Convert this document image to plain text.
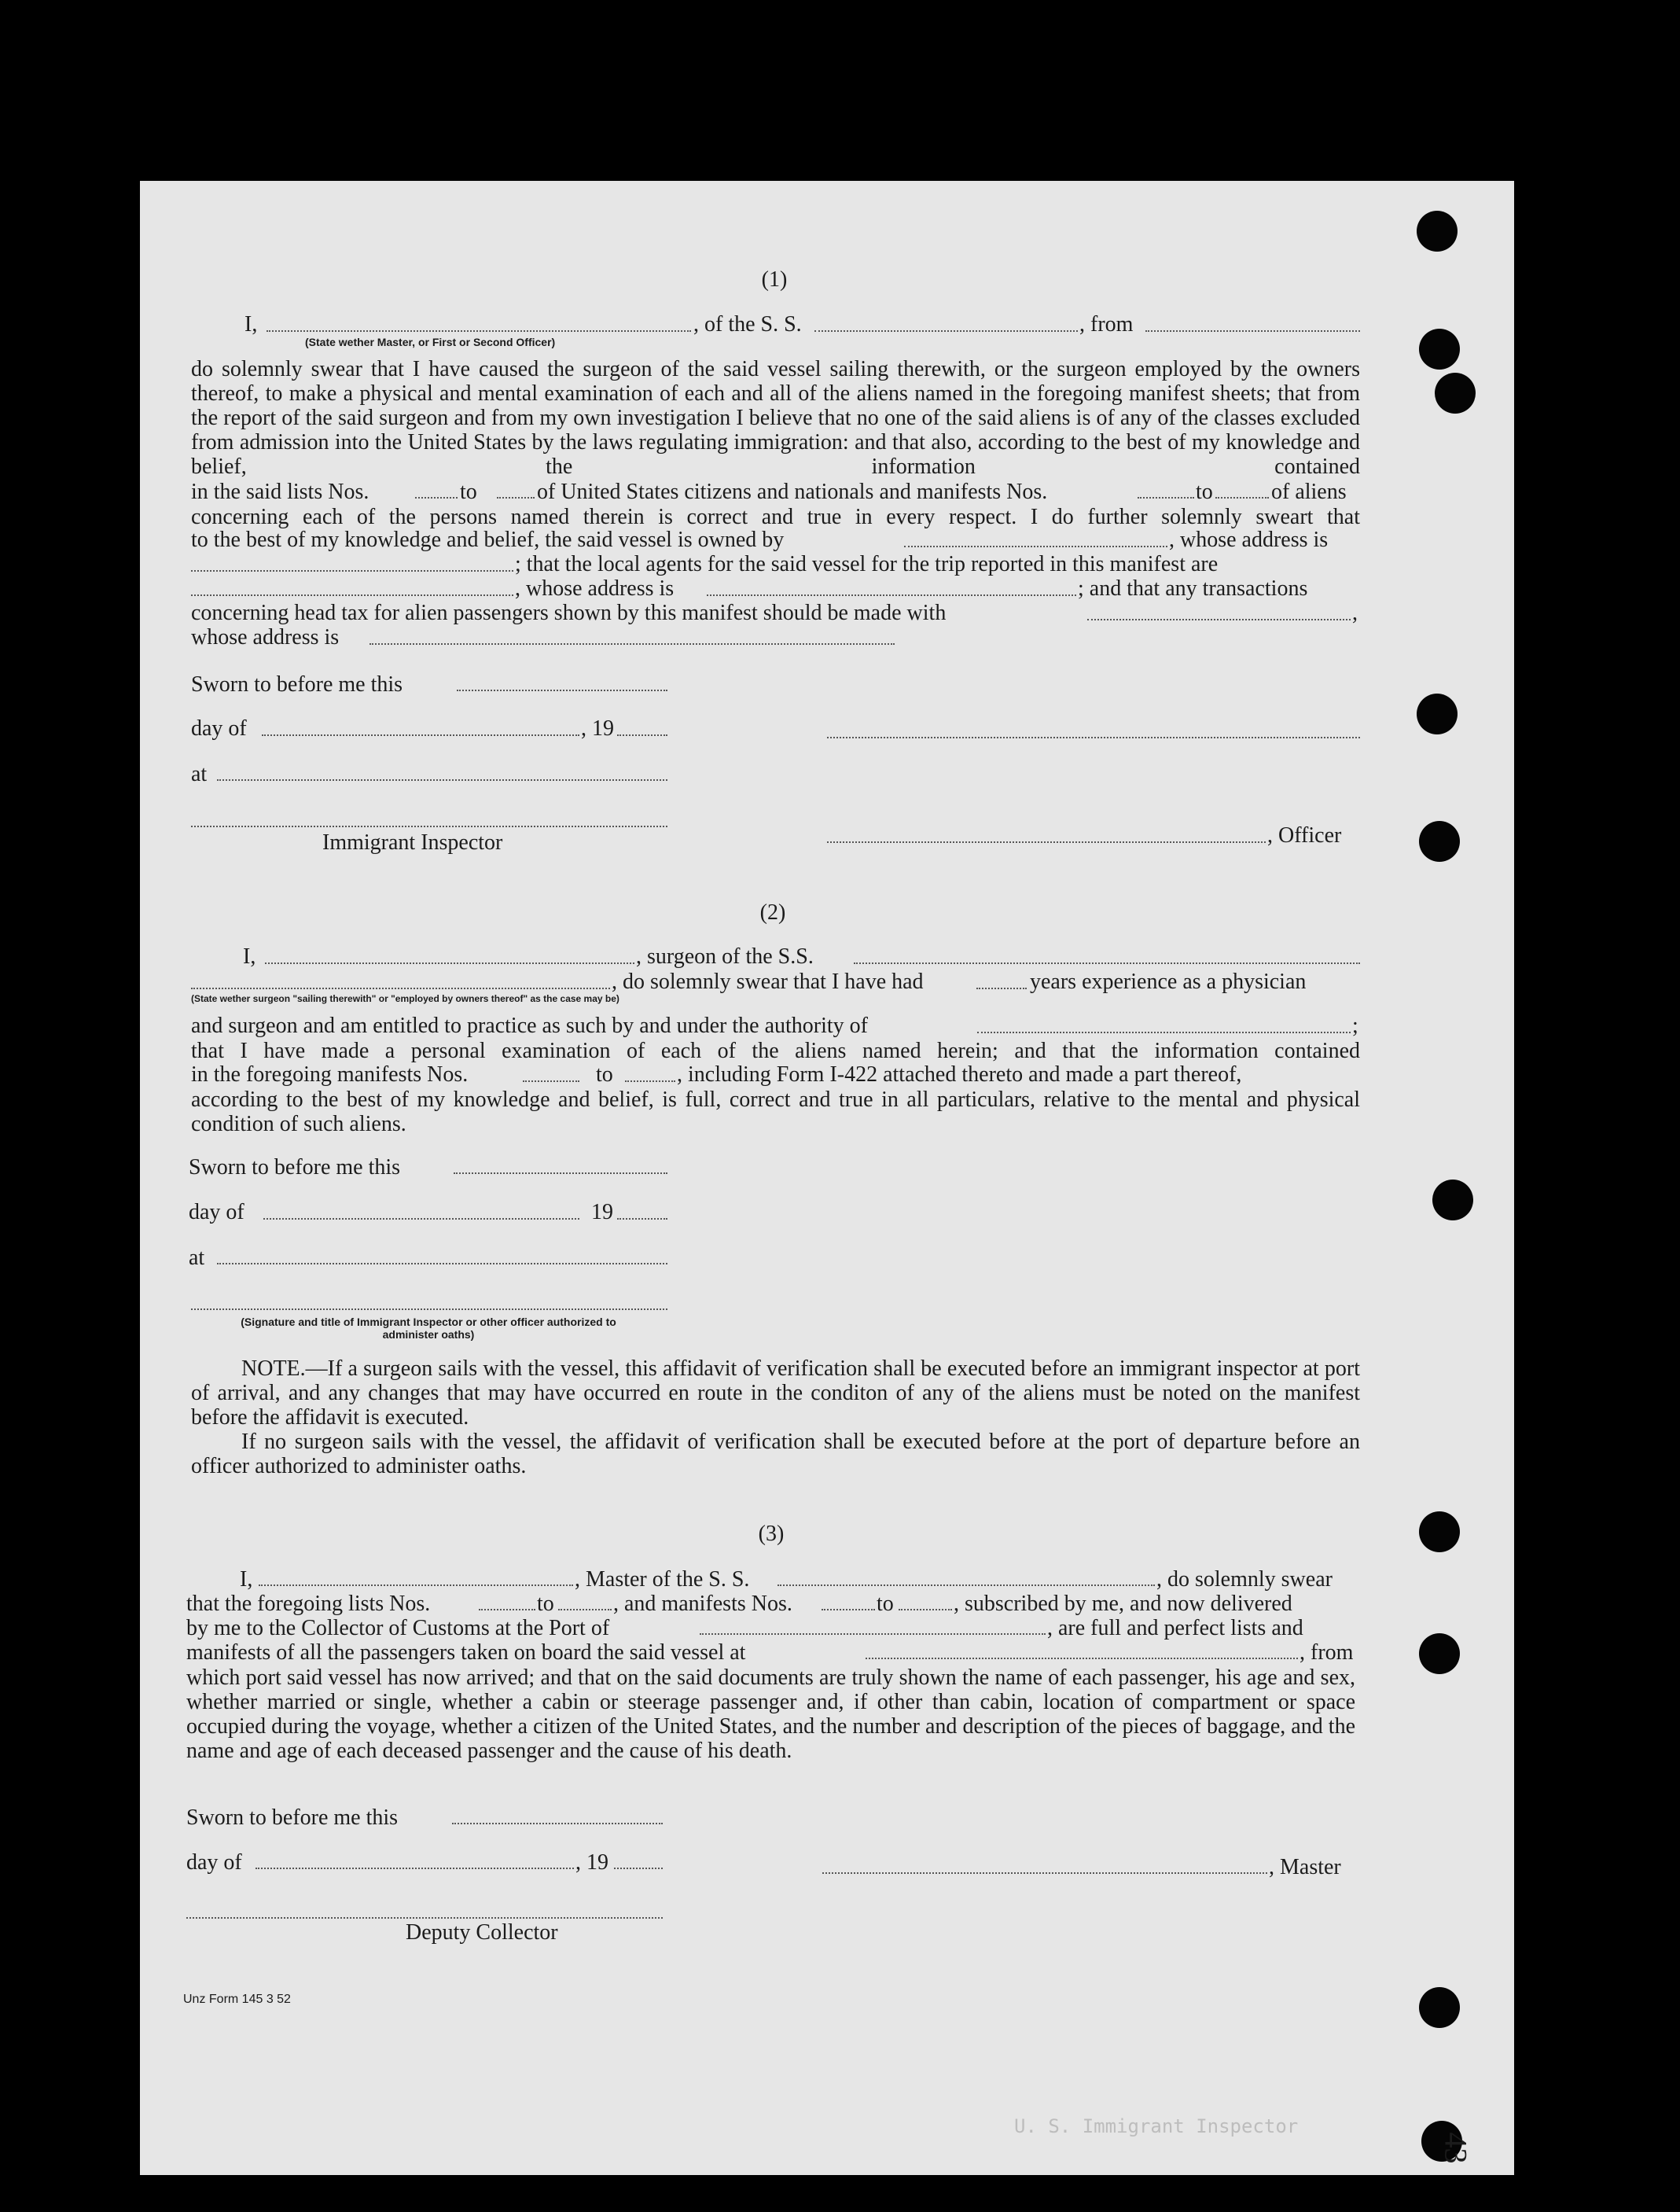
(1)
I,	, of the S. S.	, from
(State wether Master, or First or Second Officer)
do solemnly swear that I have caused the surgeon of the said vessel sailing therewith, or the surgeon employed by the owners thereof, to make a physical and mental examination of each and all of the aliens named in the foregoing manifest sheets; that from the report of the said surgeon and from my own investigation I believe that no one of the said aliens is of any of the classes excluded from admission into the United States by the laws regulating immigration: and that also, according to the best of my knowledge and belief, the information contained
in the said lists Nos.	to	of United States citizens and nationals and manifests Nos.	to	of aliens
concerning each of the persons named therein is correct and true in every respect. I do further solemnly sweart that
to the best of my knowledge and belief, the said vessel is owned by	, whose address is
; that the local agents for the said vessel for the trip reported in this manifest are
, whose address is	; and that any transactions
concerning head tax for alien passengers shown by this manifest should be made with	,
whose address is
Sworn to before me this
day of	, 19
at
Immigrant Inspector	, Officer
(2)
I,	, surgeon of the S.S.
, do solemnly swear that I have had	years experience as a physician
(State wether surgeon "sailing therewith" or "employed by owners thereof" as the case may be)
and surgeon and am entitled to practice as such by and under the authority of	;
that I have made a personal examination of each of the aliens named herein; and that the information contained
in the foregoing manifests Nos.	to	, including Form I-422 attached thereto and made a part thereof,
according to the best of my knowledge and belief, is full, correct and true in all particulars, relative to the mental and physical condition of such aliens.
Sworn to before me this
day of	19
at
(Signature and title of Immigrant Inspector or other officer authorized to administer oaths)
NOTE.—If a surgeon sails with the vessel, this affidavit of verification shall be executed before an immigrant inspector at port of arrival, and any changes that may have occurred en route in the conditon of any of the aliens must be noted on the manifest before the affidavit is executed.
If no surgeon sails with the vessel, the affidavit of verification shall be executed before at the port of departure before an officer authorized to administer oaths.
(3)
I,	, Master of the S. S.	, do solemnly swear
that the foregoing lists Nos.	to	, and manifests Nos.	to	, subscribed by me, and now delivered
by me to the Collector of Customs at the Port of	, are full and perfect lists and
manifests of all the passengers taken on board the said vessel at	, from
which port said vessel has now arrived; and that on the said documents are truly shown the name of each passenger, his age and sex, whether married or single, whether a cabin or steerage passenger and, if other than cabin, location of compartment or space occupied during the voyage, whether a citizen of the United States, and the number and description of the pieces of baggage, and the name and age of each deceased passenger and the cause of his death.
Sworn to before me this
day of	, 19	, Master
Deputy Collector
Unz Form 145 3 52
U. S. Immigrant Inspector
43
